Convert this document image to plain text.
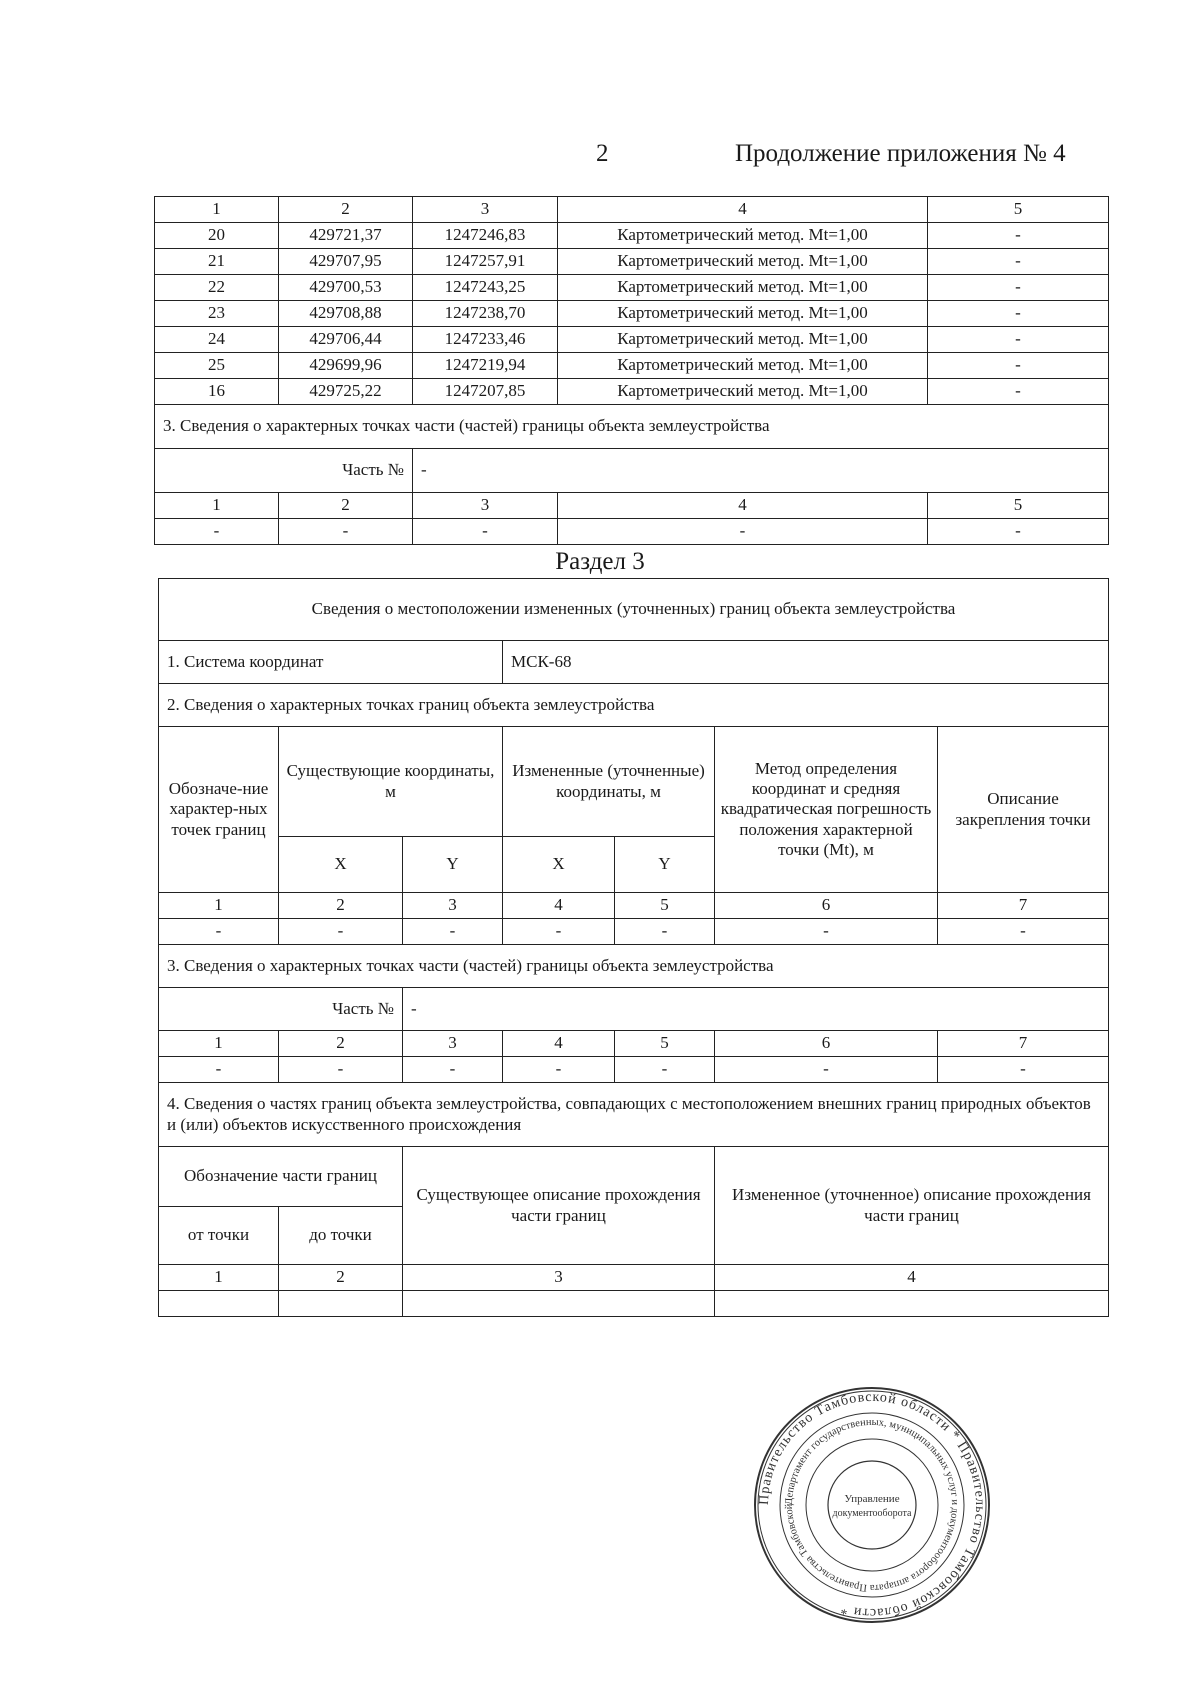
2	Продолжение приложения № 4
1	2	3	4	5
20	429721,37	1247246,83	Картометрический метод. Mt=1,00	-
21	429707,95	1247257,91	Картометрический метод. Mt=1,00	-
22	429700,53	1247243,25	Картометрический метод. Mt=1,00	-
23	429708,88	1247238,70	Картометрический метод. Mt=1,00	-
24	429706,44	1247233,46	Картометрический метод. Mt=1,00	-
25	429699,96	1247219,94	Картометрический метод. Mt=1,00	-
16	429725,22	1247207,85	Картометрический метод. Mt=1,00	-
3. Сведения о характерных точках части (частей) границы объекта землеустройства				
Часть №		-		
1	2	3	4	5
-	-	-	-	-
Раздел 3
Сведения о местоположении измененных (уточненных) границ объекта землеустройства						
1. Система координат			МСК-68			
2. Сведения о характерных точках границ объекта землеустройства						
Обозначе-ние характер-ных точек границ	Существующие координаты, м		Измененные (уточненные) координаты, м		Метод определения координат и средняя квадратическая погрешность положения характерной точки (Mt), м	Описание закрепления точки
	X	Y	X	Y		
1	2	3	4	5	6	7
-	-	-	-	-	-	-
3. Сведения о характерных точках части (частей) границы объекта землеустройства						
Часть №		-				
1	2	3	4	5	6	7
-	-	-	-	-	-	-
4. Сведения о частях границ объекта землеустройства, совпадающих с местоположением внешних границ природных объектов и (или) объектов искусственного происхождения						
Обозначение части границ		Существующее описание прохождения части границ			Измененное (уточненное) описание прохождения части границ	
от точки	до точки					
1	2	3			4	

Правительство Тамбовской области * Правительство Тамбовской области *
Департамент государственных, муниципальных услуг и документооборота аппарата Правительства Тамбовской
Управление
документооборота
